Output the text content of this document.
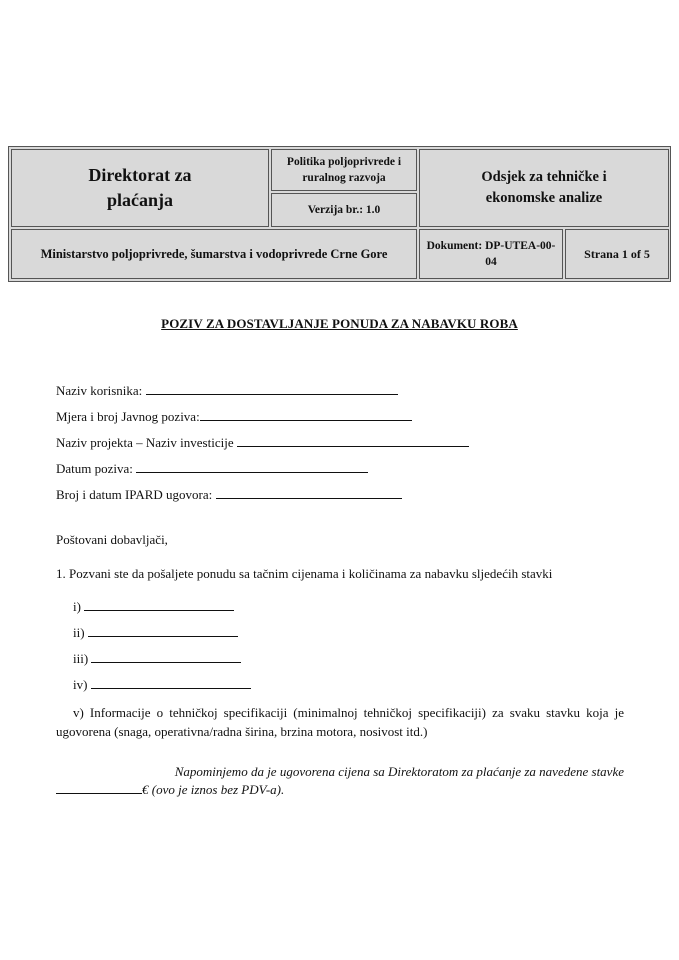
Direktorat za plaćanja
Politika poljoprivrede i ruralnog razvoja
Verzija br.: 1.0
Odsjek za tehničke i ekonomske analize
Ministarstvo poljoprivrede, šumarstva i vodoprivrede Crne Gore
Dokument: DP-UTEA-00-04
Strana 1 of 5
POZIV ZA DOSTAVLJANJE PONUDA ZA NABAVKU ROBA
Naziv korisnika:
Mjera i broj Javnog poziva:
Naziv projekta – Naziv investicije
Datum poziva:
Broj i datum IPARD ugovora:
Poštovani dobavljači,
1. Pozvani ste da pošaljete ponudu sa tačnim cijenama i količinama za nabavku sljedećih stavki
i)
ii)
iii)
iv)
v) Informacije o tehničkoj specifikaciji (minimalnoj tehničkoj specifikaciji) za svaku stavku koja je ugovorena (snaga, operativna/radna širina, brzina motora, nosivost itd.)
Napominjemo da je ugovorena cijena sa Direktoratom za plaćanje za navedene stavke
€ (ovo je iznos bez PDV-a).
